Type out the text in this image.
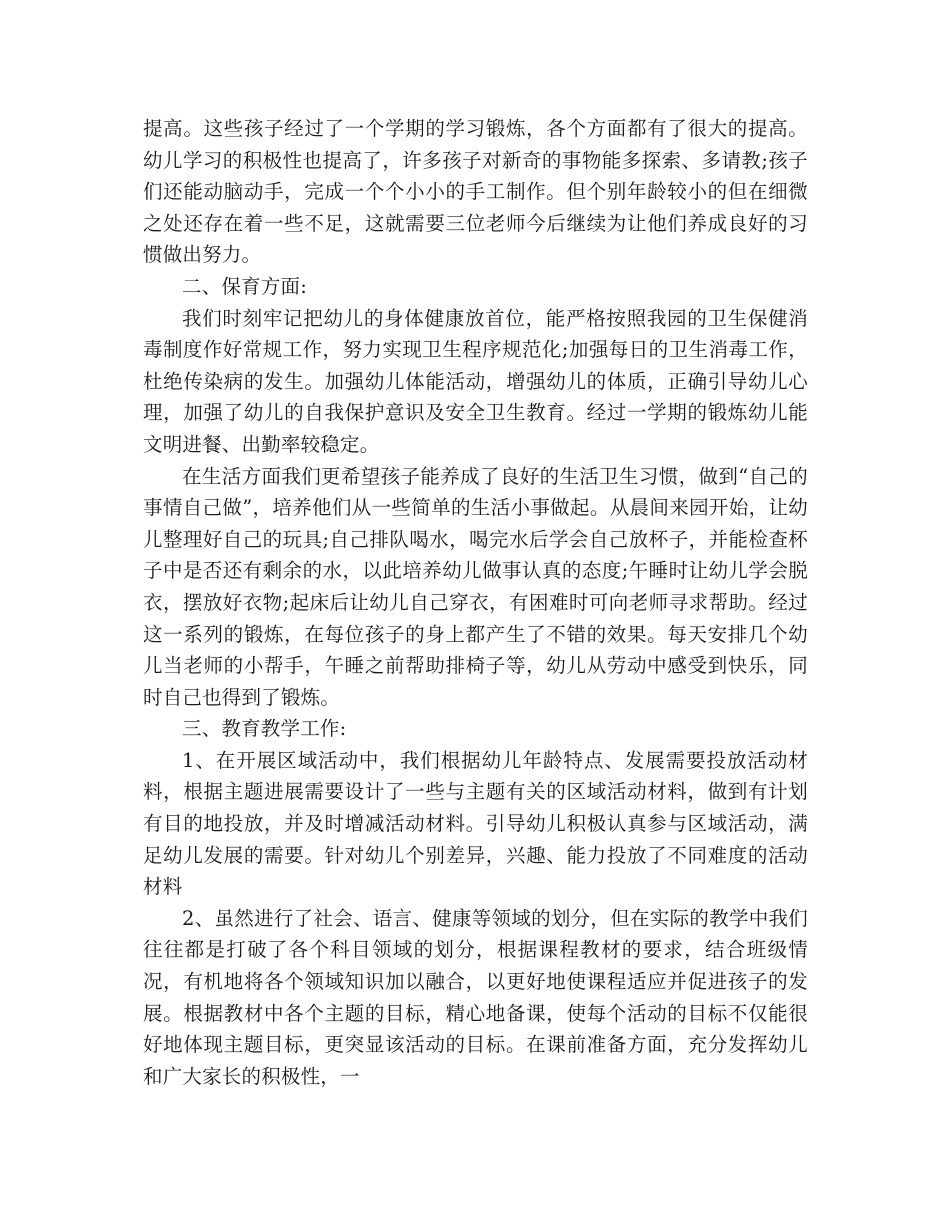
提高。这些孩子经过了一个学期的学习锻炼，各个方面都有了很大的提高。幼儿学习的积极性也提高了，许多孩子对新奇的事物能多探索、多请教;孩子们还能动脑动手，完成一个个小小的手工制作。但个别年龄较小的但在细微之处还存在着一些不足，这就需要三位老师今后继续为让他们养成良好的习惯做出努力。

二、保育方面:

我们时刻牢记把幼儿的身体健康放首位，能严格按照我园的卫生保健消毒制度作好常规工作，努力实现卫生程序规范化;加强每日的卫生消毒工作，杜绝传染病的发生。加强幼儿体能活动，增强幼儿的体质，正确引导幼儿心理，加强了幼儿的自我保护意识及安全卫生教育。经过一学期的锻炼幼儿能文明进餐、出勤率较稳定。

在生活方面我们更希望孩子能养成了良好的生活卫生习惯，做到“自己的事情自己做”，培养他们从一些简单的生活小事做起。从晨间来园开始，让幼儿整理好自己的玩具;自己排队喝水，喝完水后学会自己放杯子，并能检查杯子中是否还有剩余的水，以此培养幼儿做事认真的态度;午睡时让幼儿学会脱衣，摆放好衣物;起床后让幼儿自己穿衣，有困难时可向老师寻求帮助。经过这一系列的锻炼，在每位孩子的身上都产生了不错的效果。每天安排几个幼儿当老师的小帮手，午睡之前帮助排椅子等，幼儿从劳动中感受到快乐，同时自己也得到了锻炼。

三、教育教学工作:

1、在开展区域活动中，我们根据幼儿年龄特点、发展需要投放活动材料，根据主题进展需要设计了一些与主题有关的区域活动材料，做到有计划有目的地投放，并及时增减活动材料。引导幼儿积极认真参与区域活动，满足幼儿发展的需要。针对幼儿个别差异，兴趣、能力投放了不同难度的活动材料

2、虽然进行了社会、语言、健康等领域的划分，但在实际的教学中我们往往都是打破了各个科目领域的划分，根据课程教材的要求，结合班级情况，有机地将各个领域知识加以融合，以更好地使课程适应并促进孩子的发展。根据教材中各个主题的目标，精心地备课，使每个活动的目标不仅能很好地体现主题目标，更突显该活动的目标。在课前准备方面，充分发挥幼儿和广大家长的积极性，一
